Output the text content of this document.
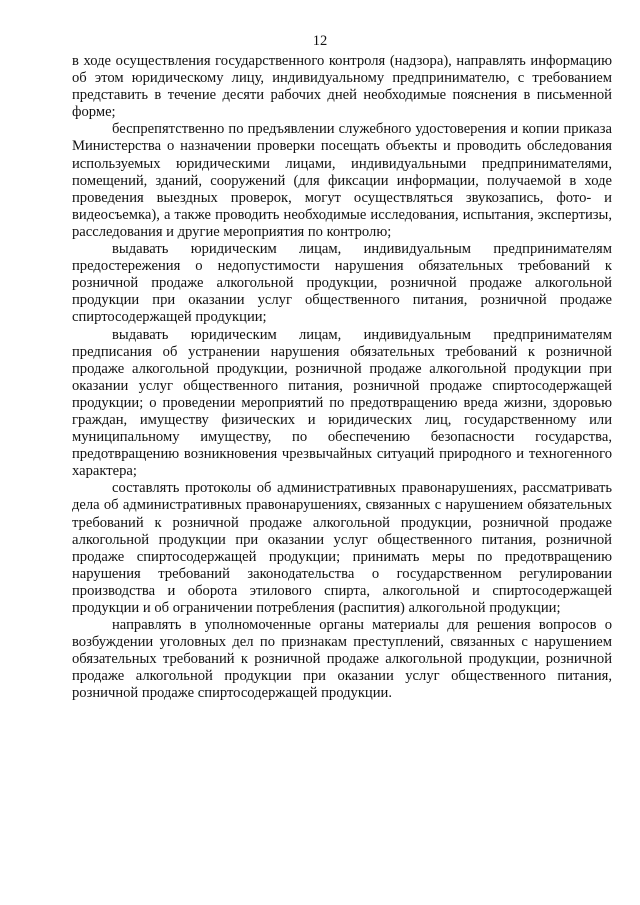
12

в ходе осуществления государственного контроля (надзора), направлять информацию об этом юридическому лицу, индивидуальному предпринимателю, с требованием представить в течение десяти рабочих дней необходимые пояснения в письменной форме;

беспрепятственно по предъявлении служебного удостоверения и копии приказа Министерства о назначении проверки посещать объекты и проводить обследования используемых юридическими лицами, индивидуальными предпринимателями, помещений, зданий, сооружений (для фиксации информации, получаемой в ходе проведения выездных проверок, могут осуществляться звукозапись, фото- и видеосъемка), а также проводить необходимые исследования, испытания, экспертизы, расследования и другие мероприятия по контролю;

выдавать юридическим лицам, индивидуальным предпринимателям предостережения о недопустимости нарушения обязательных требований к розничной продаже алкогольной продукции, розничной продаже алкогольной продукции при оказании услуг общественного питания, розничной продаже спиртосодержащей продукции;

выдавать юридическим лицам, индивидуальным предпринимателям предписания об устранении нарушения обязательных требований к розничной продаже алкогольной продукции, розничной продаже алкогольной продукции при оказании услуг общественного питания, розничной продаже спиртосодержащей продукции; о проведении мероприятий по предотвращению вреда жизни, здоровью граждан, имуществу физических и юридических лиц, государственному или муниципальному имуществу, по обеспечению безопасности государства, предотвращению возникновения чрезвычайных ситуаций природного и техногенного характера;

составлять протоколы об административных правонарушениях, рассматривать дела об административных правонарушениях, связанных с нарушением обязательных требований к розничной продаже алкогольной продукции, розничной продаже алкогольной продукции при оказании услуг общественного питания, розничной продаже спиртосодержащей продукции; принимать меры по предотвращению нарушения требований законодательства о государственном регулировании производства и оборота этилового спирта, алкогольной и спиртосодержащей продукции и об ограничении потребления (распития) алкогольной продукции;

направлять в уполномоченные органы материалы для решения вопросов о возбуждении уголовных дел по признакам преступлений, связанных с нарушением обязательных требований к розничной продаже алкогольной продукции, розничной продаже алкогольной продукции при оказании услуг общественного питания, розничной продаже спиртосодержащей продукции.
